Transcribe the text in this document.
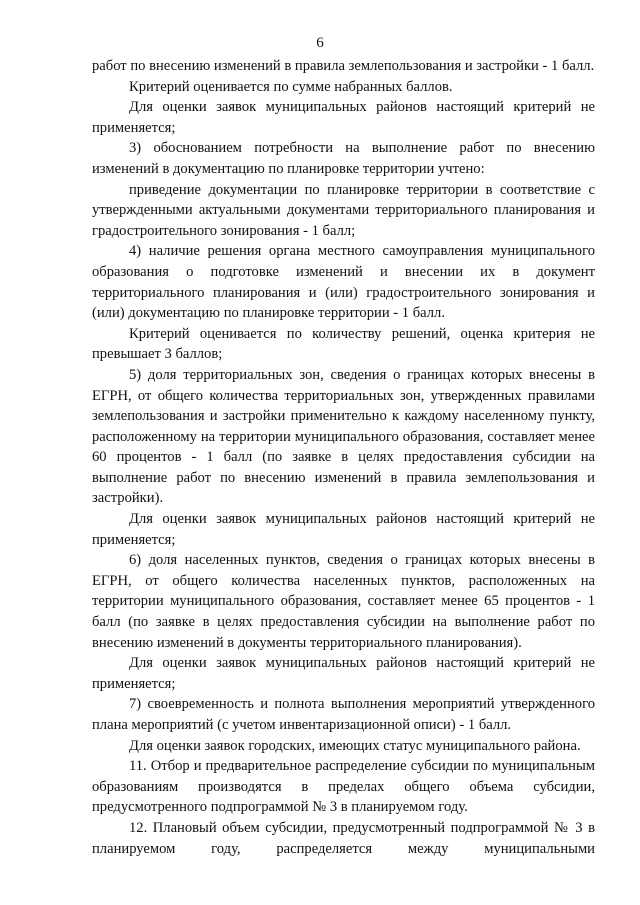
6

работ по внесению изменений в правила землепользования и застройки - 1 балл.

Критерий оценивается по сумме набранных баллов.

Для оценки заявок муниципальных районов настоящий критерий не применяется;

3) обоснованием потребности на выполнение работ по внесению изменений в документацию по планировке территории учтено:

приведение документации по планировке территории в соответствие с утвержденными актуальными документами территориального планирования и градостроительного зонирования - 1 балл;

4) наличие решения органа местного самоуправления муниципального образования о подготовке изменений и внесении их в документ территориального планирования и (или) градостроительного зонирования и (или) документацию по планировке территории - 1 балл.

Критерий оценивается по количеству решений, оценка критерия не превышает 3 баллов;

5) доля территориальных зон, сведения о границах которых внесены в ЕГРН, от общего количества территориальных зон, утвержденных правилами землепользования и застройки применительно к каждому населенному пункту, расположенному на территории муниципального образования, составляет менее 60 процентов - 1 балл (по заявке в целях предоставления субсидии на выполнение работ по внесению изменений в правила землепользования и застройки).

Для оценки заявок муниципальных районов настоящий критерий не применяется;

6) доля населенных пунктов, сведения о границах которых внесены в ЕГРН, от общего количества населенных пунктов, расположенных на территории муниципального образования, составляет менее 65 процентов - 1 балл (по заявке в целях предоставления субсидии на выполнение работ по внесению изменений в документы территориального планирования).

Для оценки заявок муниципальных районов настоящий критерий не применяется;

7) своевременность и полнота выполнения мероприятий утвержденного плана мероприятий (с учетом инвентаризационной описи) - 1 балл.

Для оценки заявок городских, имеющих статус муниципального района.

11. Отбор и предварительное распределение субсидии по муниципальным образованиям производятся в пределах общего объема субсидии, предусмотренного подпрограммой № 3 в планируемом году.

12. Плановый объем субсидии, предусмотренный подпрограммой № 3 в планируемом году, распределяется между муниципальными
